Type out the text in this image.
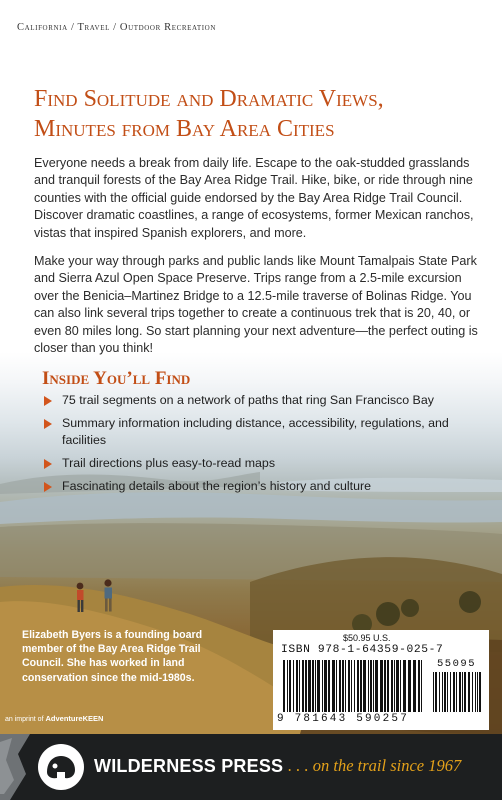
California / Travel / Outdoor Recreation
Find Solitude and Dramatic Views,
Minutes from Bay Area Cities

Everyone needs a break from daily life. Escape to the oak-studded grasslands and tranquil forests of the Bay Area Ridge Trail. Hike, bike, or ride through nine counties with the official guide endorsed by the Bay Area Ridge Trail Council. Discover dramatic coastlines, a range of ecosystems, former Mexican ranchos, vistas that inspired Spanish explorers, and more.

Make your way through parks and public lands like Mount Tamalpais State Park and Sierra Azul Open Space Preserve. Trips range from a 2.5-mile excursion over the Benicia–Martinez Bridge to a 12.5-mile traverse of Bolinas Ridge. You can also link several trips together to create a continuous trek that is 20, 40, or even 80 miles long. So start planning your next adventure—the perfect outing is closer than you think!

Inside You’ll Find
75 trail segments on a network of paths that ring San Francisco Bay
Summary information including distance, accessibility, regulations, and facilities
Trail directions plus easy-to-read maps
Fascinating details about the region’s history and culture

Elizabeth Byers is a founding board member of the Bay Area Ridge Trail Council. She has worked in land conservation since the mid-1980s.

$50.95 U.S.
ISBN 978-1-64359-025-7
55095
9 781643 590257
an imprint of AdventureKEEN
WILDERNESS PRESS . . . on the trail since 1967
